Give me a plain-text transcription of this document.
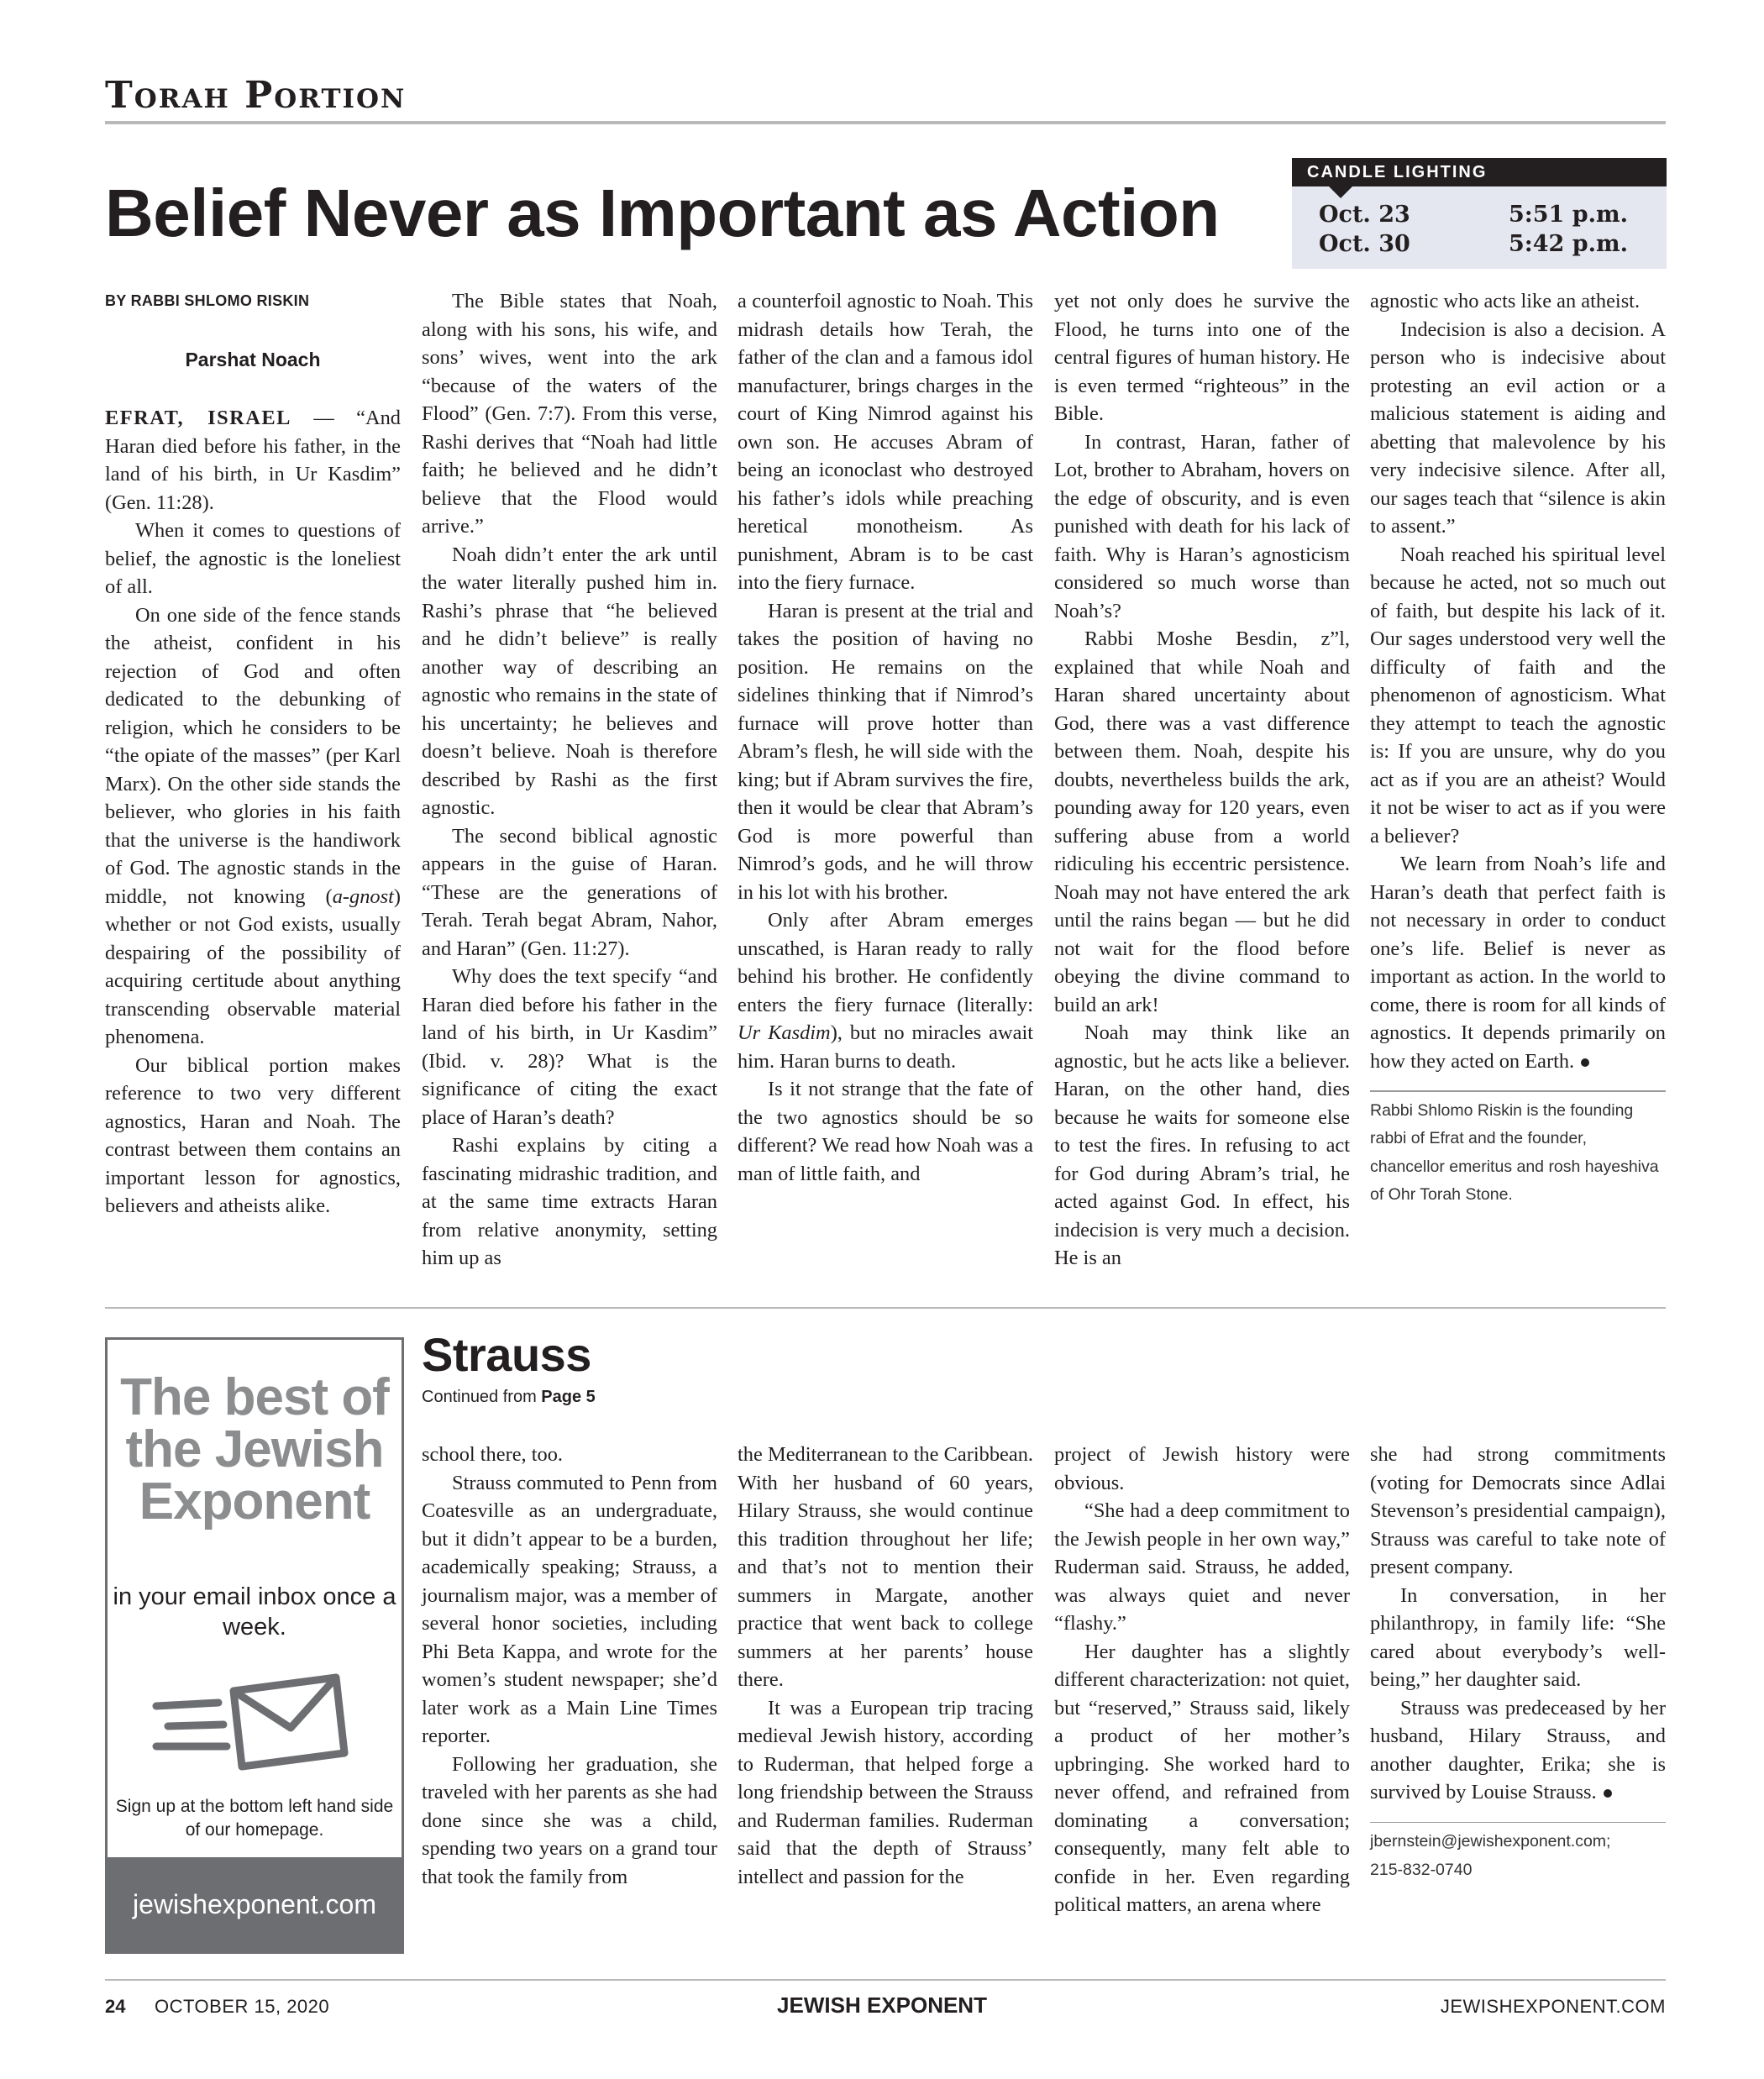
Torah Portion
Belief Never as Important as Action
CANDLE LIGHTING
Oct. 23	5:51 p.m.
Oct. 30	5:42 p.m.
BY RABBI SHLOMO RISKIN
Parshat Noach

EFRAT, ISRAEL — “And Haran died before his father, in the land of his birth, in Ur Kasdim” (Gen. 11:28).

When it comes to questions of belief, the agnostic is the loneliest of all.

On one side of the fence stands the atheist, confident in his rejection of God and often dedicated to the debunking of religion, which he considers to be “the opiate of the masses” (per Karl Marx). On the other side stands the believer, who glories in his faith that the universe is the handiwork of God. The agnostic stands in the middle, not knowing (a-gnost) whether or not God exists, usually despairing of the possibility of acquiring certitude about anything transcending observable material phenomena.

Our biblical portion makes reference to two very different agnostics, Haran and Noah. The contrast between them contains an important lesson for agnostics, believers and atheists alike.

The Bible states that Noah, along with his sons, his wife, and sons’ wives, went into the ark “because of the waters of the Flood” (Gen. 7:7). From this verse, Rashi derives that “Noah had little faith; he believed and he didn’t believe that the Flood would arrive.”

Noah didn’t enter the ark until the water literally pushed him in. Rashi’s phrase that “he believed and he didn’t believe” is really another way of describing an agnostic who remains in the state of his uncertainty; he believes and doesn’t believe. Noah is therefore described by Rashi as the first agnostic.

The second biblical agnostic appears in the guise of Haran. “These are the generations of Terah. Terah begat Abram, Nahor, and Haran” (Gen. 11:27).

Why does the text specify “and Haran died before his father in the land of his birth, in Ur Kasdim” (Ibid. v. 28)? What is the significance of citing the exact place of Haran’s death?

Rashi explains by citing a fascinating midrashic tradition, and at the same time extracts Haran from relative anonymity, setting him up as

a counterfoil agnostic to Noah. This midrash details how Terah, the father of the clan and a famous idol manufacturer, brings charges in the court of King Nimrod against his own son. He accuses Abram of being an iconoclast who destroyed his father’s idols while preaching heretical monotheism. As punishment, Abram is to be cast into the fiery furnace.

Haran is present at the trial and takes the position of having no position. He remains on the sidelines thinking that if Nimrod’s furnace will prove hotter than Abram’s flesh, he will side with the king; but if Abram survives the fire, then it would be clear that Abram’s God is more powerful than Nimrod’s gods, and he will throw in his lot with his brother.

Only after Abram emerges unscathed, is Haran ready to rally behind his brother. He confidently enters the fiery furnace (literally: Ur Kasdim), but no miracles await him. Haran burns to death.

Is it not strange that the fate of the two agnostics should be so different? We read how Noah was a man of little faith, and

yet not only does he survive the Flood, he turns into one of the central figures of human history. He is even termed “righteous” in the Bible.

In contrast, Haran, father of Lot, brother to Abraham, hovers on the edge of obscurity, and is even punished with death for his lack of faith. Why is Haran’s agnosticism considered so much worse than Noah’s?

Rabbi Moshe Besdin, z”l, explained that while Noah and Haran shared uncertainty about God, there was a vast difference between them. Noah, despite his doubts, nevertheless builds the ark, pounding away for 120 years, even suffering abuse from a world ridiculing his eccentric persistence. Noah may not have entered the ark until the rains began — but he did not wait for the flood before obeying the divine command to build an ark!

Noah may think like an agnostic, but he acts like a believer. Haran, on the other hand, dies because he waits for someone else to test the fires. In refusing to act for God during Abram’s trial, he acted against God. In effect, his indecision is very much a decision. He is an

agnostic who acts like an atheist.

Indecision is also a decision. A person who is indecisive about protesting an evil action or a malicious statement is aiding and abetting that malevolence by his very indecisive silence. After all, our sages teach that “silence is akin to assent.”

Noah reached his spiritual level because he acted, not so much out of faith, but despite his lack of it. Our sages understood very well the difficulty of faith and the phenomenon of agnosticism. What they attempt to teach the agnostic is: If you are unsure, why do you act as if you are an atheist? Would it not be wiser to act as if you were a believer?

We learn from Noah’s life and Haran’s death that perfect faith is not necessary in order to conduct one’s life. Belief is never as important as action. In the world to come, there is room for all kinds of agnostics. It depends primarily on how they acted on Earth.

Rabbi Shlomo Riskin is the founding rabbi of Efrat and the founder, chancellor emeritus and rosh hayeshiva of Ohr Torah Stone.
The best of the Jewish Exponent
in your email inbox once a week.
Sign up at the bottom left hand side of our homepage.
jewishexponent.com
Strauss
Continued from Page 5

school there, too.

Strauss commuted to Penn from Coatesville as an undergraduate, but it didn’t appear to be a burden, academically speaking; Strauss, a journalism major, was a member of several honor societies, including Phi Beta Kappa, and wrote for the women’s student newspaper; she’d later work as a Main Line Times reporter.

Following her graduation, she traveled with her parents as she had done since she was a child, spending two years on a grand tour that took the family from

the Mediterranean to the Caribbean. With her husband of 60 years, Hilary Strauss, she would continue this tradition throughout her life; and that’s not to mention their summers in Margate, another practice that went back to college summers at her parents’ house there.

It was a European trip tracing medieval Jewish history, according to Ruderman, that helped forge a long friendship between the Strauss and Ruderman families. Ruderman said that the depth of Strauss’ intellect and passion for the

project of Jewish history were obvious.

“She had a deep commitment to the Jewish people in her own way,” Ruderman said. Strauss, he added, was always quiet and never “flashy.”

Her daughter has a slightly different characterization: not quiet, but “reserved,” Strauss said, likely a product of her mother’s upbringing. She worked hard to never offend, and refrained from dominating a conversation; consequently, many felt able to confide in her. Even regarding political matters, an arena where

she had strong commitments (voting for Democrats since Adlai Stevenson’s presidential campaign), Strauss was careful to take note of present company.

In conversation, in her philanthropy, in family life: “She cared about everybody’s well-being,” her daughter said.

Strauss was predeceased by her husband, Hilary Strauss, and another daughter, Erika; she is survived by Louise Strauss.

jbernstein@jewishexponent.com;
215-832-0740
24 OCTOBER 15, 2020	JEWISH EXPONENT	JEWISHEXPONENT.COM
